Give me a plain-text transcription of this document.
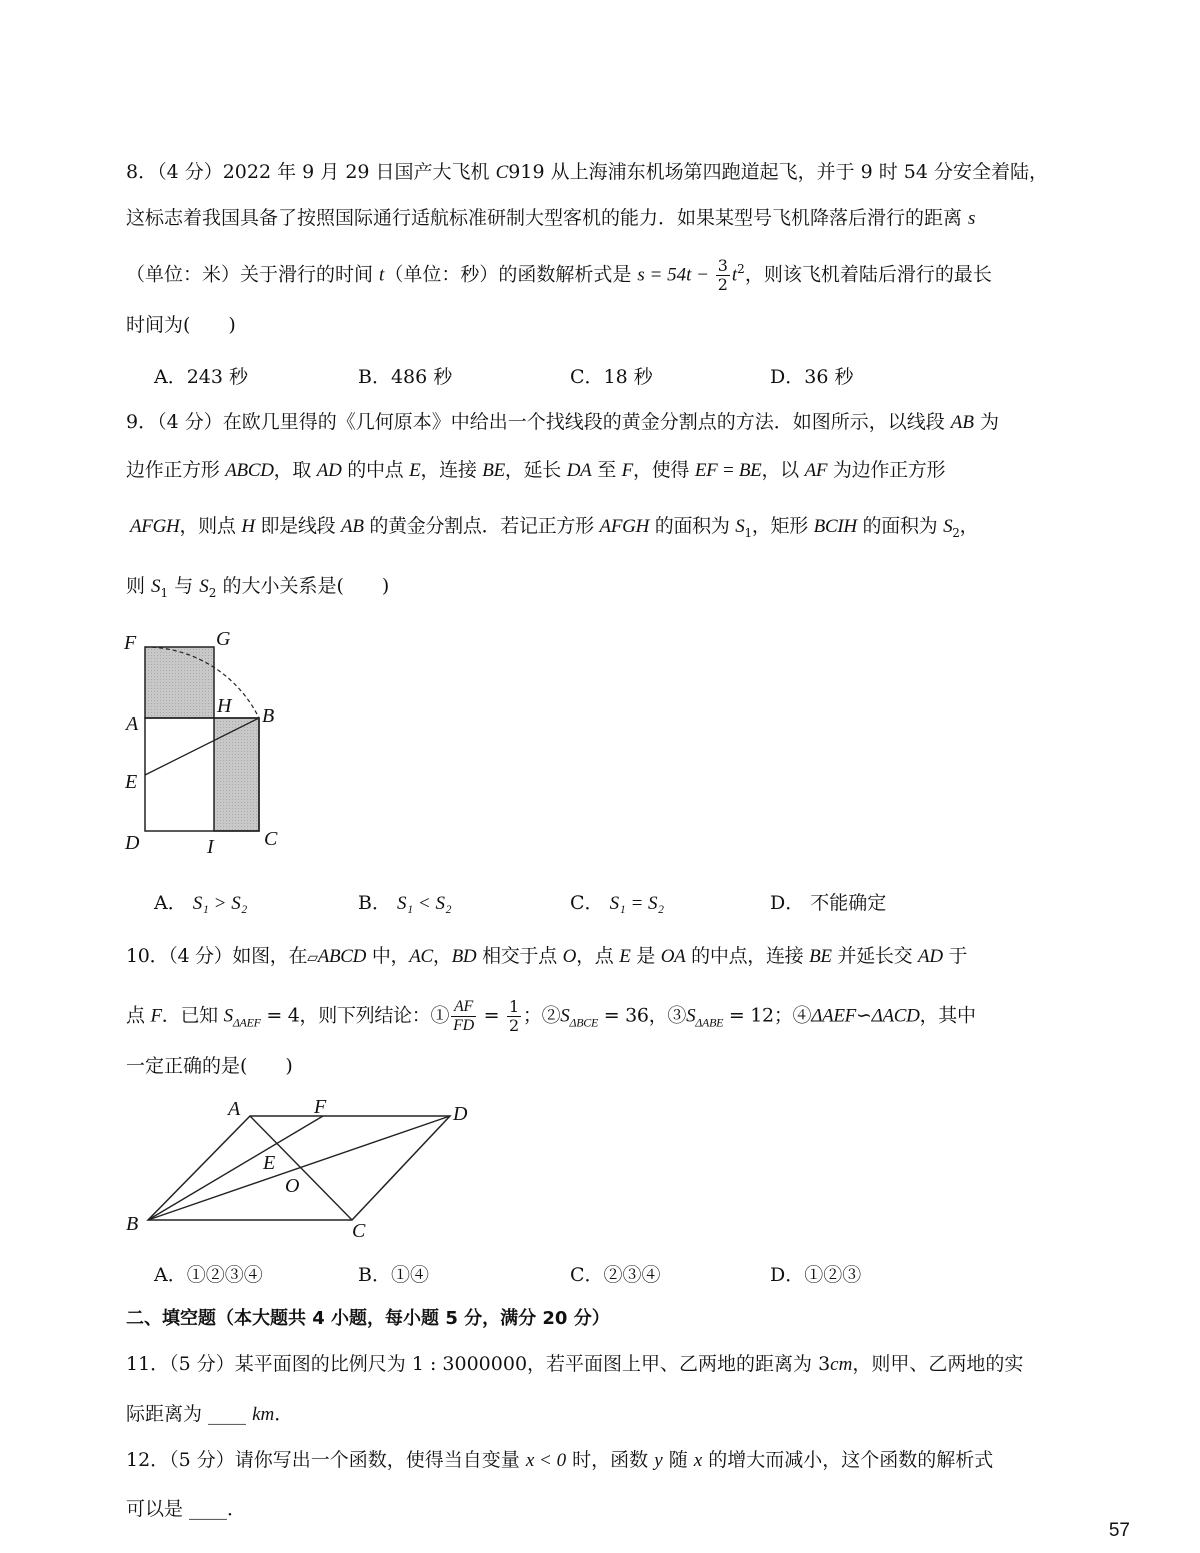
8．（4 分）2022 年 9 月 29 日国产大飞机 C919 从上海浦东机场第四跑道起飞，并于 9 时 54 分安全着陆，
这标志着我国具备了按照国际通行适航标准研制大型客机的能力．如果某型号飞机降落后滑行的距离 s
（单位：米）关于滑行的时间 t（单位：秒）的函数解析式是 $s = 54t - \frac{3}{2} t^2$，则该飞机着陆后滑行的最长
时间为(　　)
A．243 秒	B．486 秒	C．18 秒	D．36 秒
9．（4 分）在欧几里得的《几何原本》中给出一个找线段的黄金分割点的方法．如图所示，以线段 AB 为
边作正方形 ABCD，取 AD 的中点 E，连接 BE，延长 DA 至 F，使得 EF = BE，以 AF 为边作正方形
AFGH，则点 H 即是线段 AB 的黄金分割点．若记正方形 AFGH 的面积为 $S_1$，矩形 BCIH 的面积为 $S_2$，
则 $S_1$ 与 $S_2$ 的大小关系是(　　)
F	G
H
A	B
E
D	I	C
A． S₁ > S₂	B． S₁ < S₂	C． S₁ = S₂	D． 不能确定
10．（4 分）如图，在▱ABCD 中，AC，BD 相交于点 O，点 E 是 OA 的中点，连接 BE 并延长交 AD 于
点 F．已知 $S_{\Delta AEF} = 4$，则下列结论：① $\frac{AF}{FD} = \frac{1}{2}$ ；$②S_{\Delta BCE} = 36$，$③S_{\Delta ABE} = 12$；④ΔAEF∽ΔACD，其中
一定正确的是(　　)
A	F	D
E
O
B	C
A．①②③④	B．①④	C．②③④	D．①②③
二、填空题（本大题共 4 小题，每小题 5 分，满分 20 分）
11．（5 分）某平面图的比例尺为 1 : 3000000，若平面图上甲、乙两地的距离为 3cm，则甲、乙两地的实
际距离为 ____ km．
12．（5 分）请你写出一个函数，使得当自变量 x < 0 时，函数 y 随 x 的增大而减小，这个函数的解析式
可以是 ____．
57
